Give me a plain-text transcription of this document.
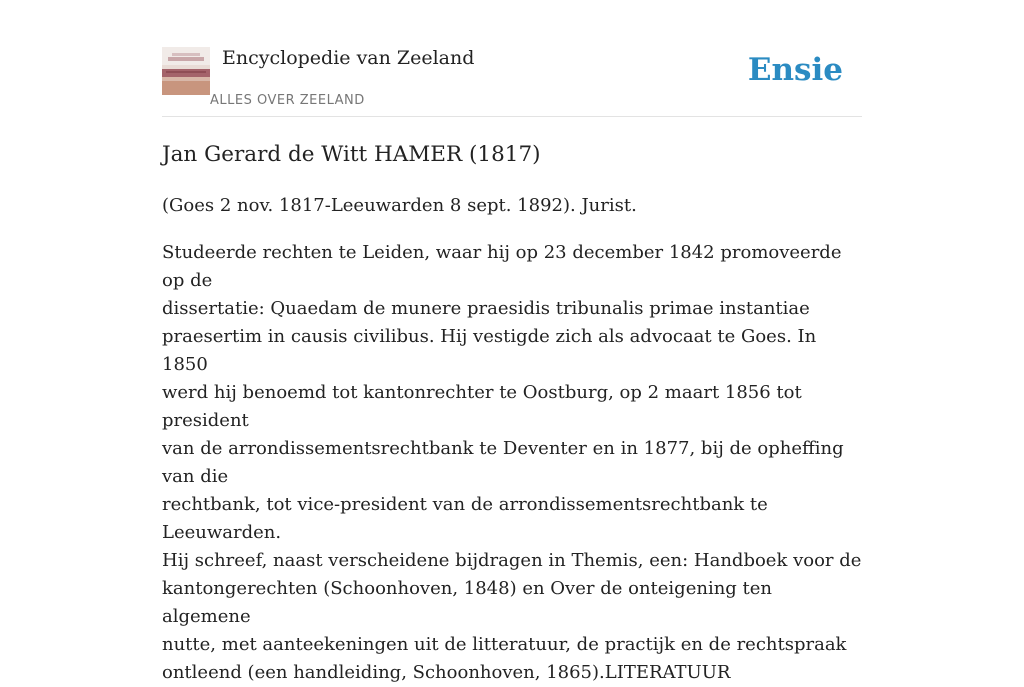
Encyclopedie van Zeeland
ALLES OVER ZEELAND
Ensie
Jan Gerard de Witt HAMER (1817)

(Goes 2 nov. 1817-Leeuwarden 8 sept. 1892). Jurist.

Studeerde rechten te Leiden, waar hij op 23 december 1842 promoveerde op de
dissertatie: Quaedam de munere praesidis tribunalis primae instantiae
praesertim in causis civilibus. Hij vestigde zich als advocaat te Goes. In 1850
werd hij benoemd tot kantonrechter te Oostburg, op 2 maart 1856 tot president
van de arrondissementsrechtbank te Deventer en in 1877, bij de opheffing van die
rechtbank, tot vice-president van de arrondissementsrechtbank te Leeuwarden.
Hij schreef, naast verscheidene bijdragen in Themis, een: Handboek voor de
kantongerechten (Schoonhoven, 1848) en Over de onteigening ten algemene
nutte, met aanteekeningen uit de litteratuur, de practijk en de rechtspraak
ontleend (een handleiding, Schoonhoven, 1865).LITERATUUR
